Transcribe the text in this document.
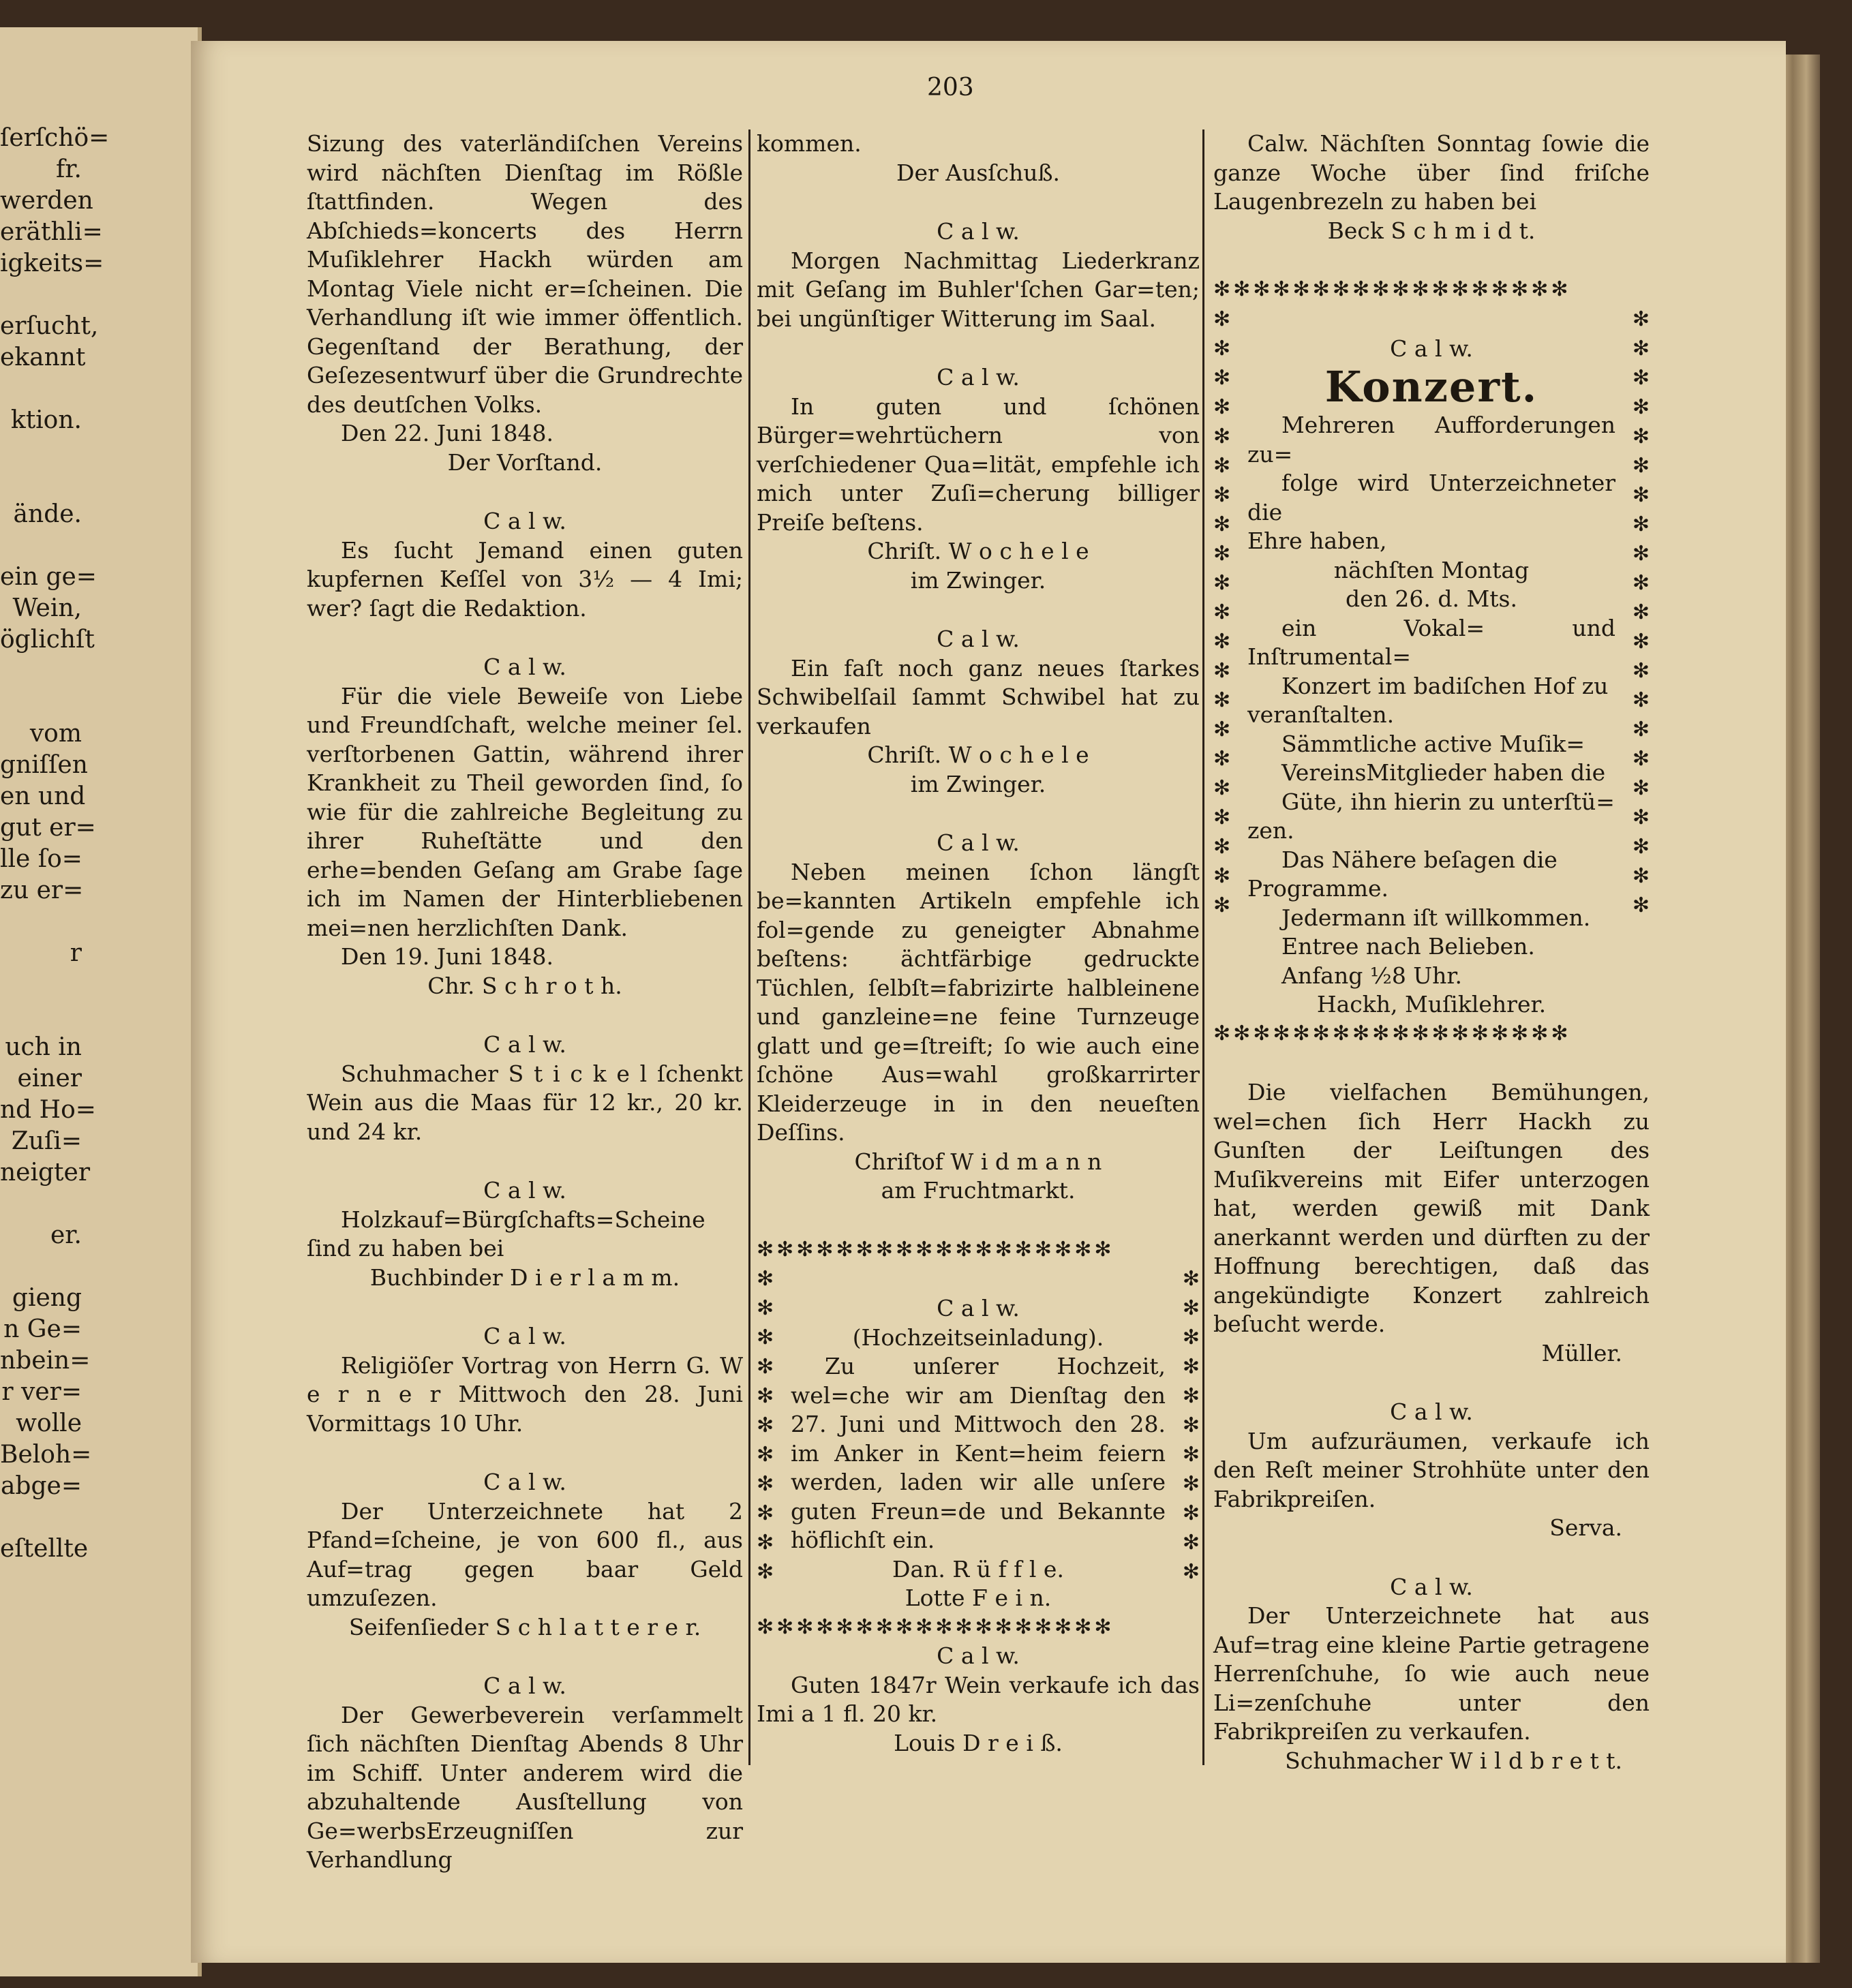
ſerſchö=

fr.

werden

eräthli=

igkeits=

erſucht,

ekannt

ktion.

ände.

ein ge=

Wein,

öglichſt

vom

gniſſen

en und

gut er=

lle ſo=

zu er=

r

uch in

einer

nd Ho=

Zuſi=

neigter

er.

gieng

n Ge=

nbein=

r ver=

wolle

Beloh=

abge=

eſtellte

203

Sizung des vaterländiſchen Vereins wird nächſten Dienſtag im Rößle ſtattfinden. Wegen des Abſchieds=koncerts des Herrn Muſiklehrer Hackh würden am Montag Viele nicht er=ſcheinen. Die Verhandlung iſt wie immer öffentlich. Gegenſtand der Berathung, der Geſezesentwurf über die Grundrechte des deutſchen Volks.

Den 22. Juni 1848.

Der Vorſtand.

C a l w.

Es ſucht Jemand einen guten kupfernen Keſſel von 3½ — 4 Imi; wer? ſagt die Redaktion.

C a l w.

Für die viele Beweiſe von Liebe und Freundſchaft, welche meiner ſel. verſtorbenen Gattin, während ihrer Krankheit zu Theil geworden ſind, ſo wie für die zahlreiche Begleitung zu ihrer Ruheſtätte und den erhe=benden Geſang am Grabe ſage ich im Namen der Hinterbliebenen mei=nen herzlichſten Dank.

Den 19. Juni 1848.

Chr. S c h r o t h.

C a l w.

Schuhmacher S t i c k e l ſchenkt Wein aus die Maas für 12 kr., 20 kr. und 24 kr.

C a l w.

Holzkauf=Bürgſchafts=Scheine ſind zu haben bei

Buchbinder D i e r l a m m.

C a l w.

Religiöſer Vortrag von Herrn G. W e r n e r Mittwoch den 28. Juni Vormittags 10 Uhr.

C a l w.

Der Unterzeichnete hat 2 Pfand=ſcheine, je von 600 fl., aus Auf=trag gegen baar Geld umzuſezen.

Seifenſieder S c h l a t t e r e r.

C a l w.

Der Gewerbeverein verſammelt ſich nächſten Dienſtag Abends 8 Uhr im Schiff. Unter anderem wird die abzuhaltende Ausſtellung von Ge=werbsErzeugniſſen zur Verhandlung

kommen.

Der Ausſchuß.

C a l w.

Morgen Nachmittag Liederkranz mit Geſang im Buhler'ſchen Gar=ten; bei ungünſtiger Witterung im Saal.

C a l w.

In guten und ſchönen Bürger=wehrtüchern von verſchiedener Qua=lität, empfehle ich mich unter Zuſi=cherung billiger Preiſe beſtens.

Chriſt. W o c h e l e

im Zwinger.

C a l w.

Ein faſt noch ganz neues ſtarkes Schwibelſail ſammt Schwibel hat zu verkaufen

Chriſt. W o c h e l e

im Zwinger.

C a l w.

Neben meinen ſchon längſt be=kannten Artikeln empfehle ich fol=gende zu geneigter Abnahme beſtens: ächtfärbige gedruckte Tüchlen, ſelbſt=fabrizirte halbleinene und ganzleine=ne feine Turnzeuge glatt und ge=ſtreift; ſo wie auch eine ſchöne Aus=wahl großkarrirter Kleiderzeuge in in den neueſten Deſſins.

Chriſtof W i d m a n n

am Fruchtmarkt.

✻✻✻✻✻✻✻✻✻✻✻✻✻✻✻✻✻✻
✻
✻
✻
✻
✻
✻
✻
✻
✻
✻
✻
✻
✻
✻
✻
✻
✻
✻
✻
✻
✻
✻

C a l w.

(Hochzeitseinladung).

Zu unſerer Hochzeit, wel=che wir am Dienſtag den 27. Juni und Mittwoch den 28. im Anker in Kent=heim feiern werden, laden wir alle unſere guten Freun=de und Bekannte höflichſt ein.

Dan. R ü f f l e.

Lotte F e i n.

✻✻✻✻✻✻✻✻✻✻✻✻✻✻✻✻✻✻

C a l w.

Guten 1847r Wein verkaufe ich das Imi a 1 fl. 20 kr.

Louis D r e i ß.

Calw. Nächſten Sonntag ſowie die ganze Woche über ſind friſche Laugenbrezeln zu haben bei

Beck S c h m i d t.

✻✻✻✻✻✻✻✻✻✻✻✻✻✻✻✻✻✻
✻
✻
✻
✻
✻
✻
✻
✻
✻
✻
✻
✻
✻
✻
✻
✻
✻
✻
✻
✻
✻
✻
✻
✻
✻
✻
✻
✻
✻
✻
✻
✻
✻
✻
✻
✻
✻
✻
✻
✻
✻
✻

C a l w.

Konzert.

Mehreren Aufforderungen zu=

folge wird Unterzeichneter die

Ehre haben,

nächſten Montag

den 26. d. Mts.

ein Vokal= und Inſtrumental=

Konzert im badiſchen Hof zu

veranſtalten.

Sämmtliche active Muſik=

VereinsMitglieder haben die

Güte, ihn hierin zu unterſtü=

zen.

Das Nähere beſagen die

Programme.

Jedermann iſt willkommen.

Entree nach Belieben.

Anfang ½8 Uhr.

Hackh, Muſiklehrer.

✻✻✻✻✻✻✻✻✻✻✻✻✻✻✻✻✻✻

Die vielfachen Bemühungen, wel=chen ſich Herr Hackh zu Gunſten der Leiſtungen des Muſikvereins mit Eifer unterzogen hat, werden gewiß mit Dank anerkannt werden und dürften zu der Hoffnung berechtigen, daß das angekündigte Konzert zahlreich beſucht werde.

Müller.

C a l w.

Um aufzuräumen, verkaufe ich den Reſt meiner Strohhüte unter den Fabrikpreiſen.

Serva.

C a l w.

Der Unterzeichnete hat aus Auf=trag eine kleine Partie getragene Herrenſchuhe, ſo wie auch neue Li=zenſchuhe unter den Fabrikpreiſen zu verkaufen.

Schuhmacher W i l d b r e t t.
